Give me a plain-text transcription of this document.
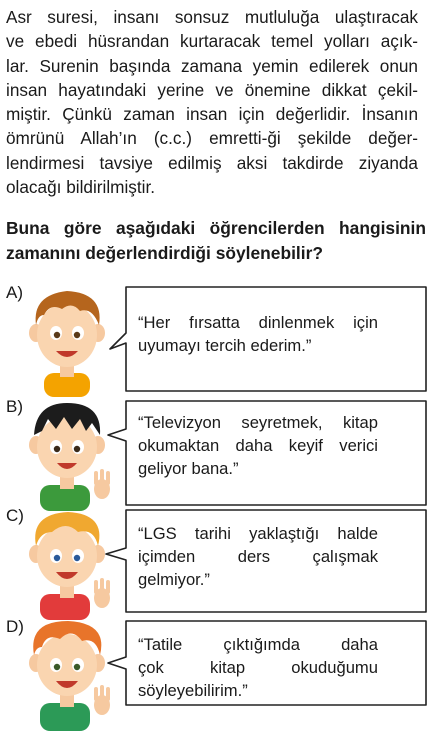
Asr suresi, insanı sonsuz mutluluğa ulaştıracak

ve ebedi hüsrandan kurtaracak temel yolları açık-

lar. Surenin başında zamana yemin edilerek onun

insan hayatındaki yerine ve önemine dikkat çekil-

miştir. Çünkü zaman insan için değerlidir. İnsanın

ömrünü Allah’ın (c.c.) emretti-ği şekilde değer-

lendirmesi tavsiye edilmiş aksi takdirde ziyanda

olacağı bildirilmiştir.

Buna göre aşağıdaki öğrencilerden hangisinin
zamanını değerlendirdiği söylenebilir?
A)
“Her fırsatta dinlenmek için
uyumayı tercih ederim.”
B)
“Televizyon seyretmek, kitap
okumaktan daha keyif verici
geliyor bana.”
C)
“LGS tarihi yaklaştığı halde
içimden ders çalışmak
gelmiyor.”
D)
“Tatile çıktığımda daha
çok kitap okuduğumu
söyleyebilirim.”
